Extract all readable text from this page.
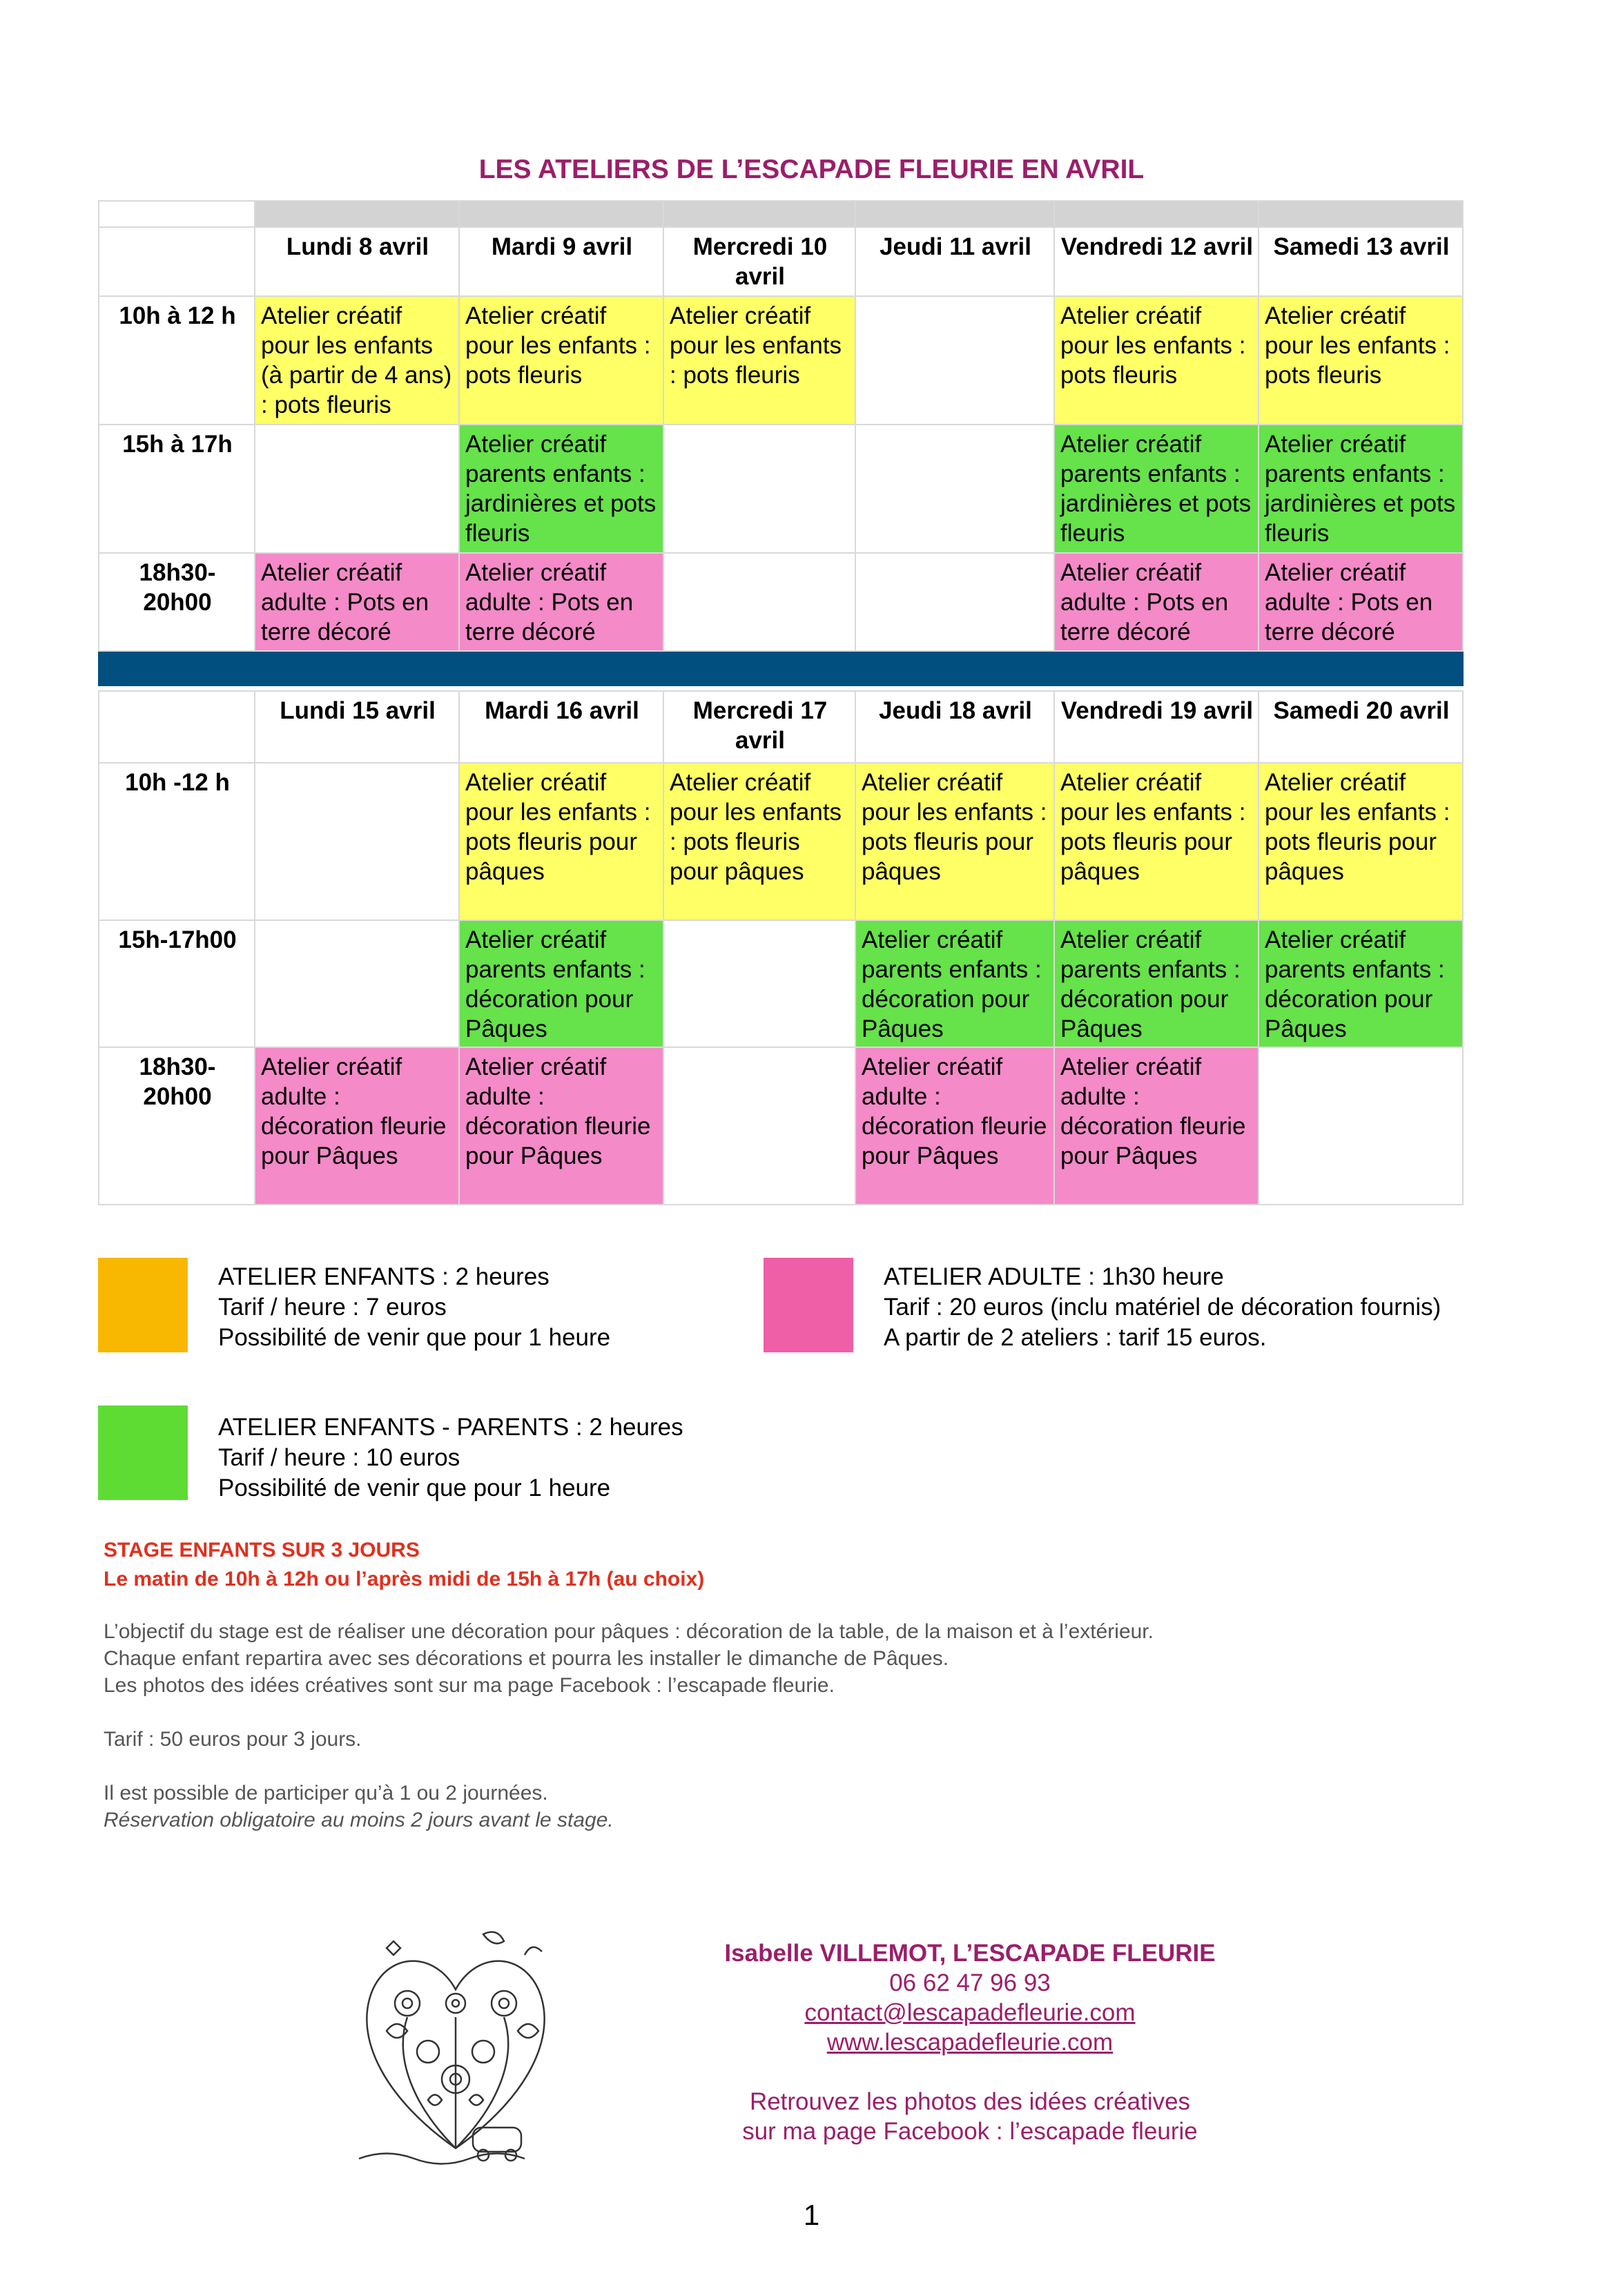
LES ATELIERS DE L’ESCAPADE FLEURIE EN AVRIL

	Lundi 8 avril	Mardi 9 avril	Mercredi 10 avril	Jeudi 11 avril	Vendredi 12 avril	Samedi 13 avril
10h à 12 h	Atelier créatif pour les enfants (à partir de 4 ans) : pots fleuris	Atelier créatif pour les enfants : pots fleuris	Atelier créatif pour les enfants : pots fleuris		Atelier créatif pour les enfants : pots fleuris	Atelier créatif pour les enfants : pots fleuris
15h à 17h		Atelier créatif parents enfants : jardinières et pots fleuris			Atelier créatif parents enfants : jardinières et pots fleuris	Atelier créatif parents enfants : jardinières et pots fleuris
18h30-20h00	Atelier créatif adulte : Pots en terre décoré	Atelier créatif adulte : Pots en terre décoré			Atelier créatif adulte : Pots en terre décoré	Atelier créatif adulte : Pots en terre décoré

	Lundi 15 avril	Mardi 16 avril	Mercredi 17 avril	Jeudi 18 avril	Vendredi 19 avril	Samedi 20 avril
10h -12 h		Atelier créatif pour les enfants : pots fleuris pour pâques	Atelier créatif pour les enfants : pots fleuris pour pâques	Atelier créatif pour les enfants : pots fleuris pour pâques	Atelier créatif pour les enfants : pots fleuris pour pâques	Atelier créatif pour les enfants : pots fleuris pour pâques
15h-17h00		Atelier créatif parents enfants : décoration pour Pâques		Atelier créatif parents enfants : décoration pour Pâques	Atelier créatif parents enfants : décoration pour Pâques	Atelier créatif parents enfants : décoration pour Pâques
18h30-20h00	Atelier créatif adulte : décoration fleurie pour Pâques	Atelier créatif adulte : décoration fleurie pour Pâques		Atelier créatif adulte : décoration fleurie pour Pâques	Atelier créatif adulte : décoration fleurie pour Pâques	
ATELIER ENFANTS : 2 heures
Tarif / heure : 7 euros
Possibilité de venir que pour 1 heure
ATELIER ADULTE : 1h30 heure
Tarif : 20 euros (inclu matériel de décoration fournis)
A partir de 2 ateliers : tarif 15 euros.
ATELIER ENFANTS - PARENTS : 2 heures
Tarif / heure : 10 euros
Possibilité de venir que pour 1 heure
STAGE ENFANTS SUR 3 JOURS
Le matin de 10h à 12h ou l’après midi de 15h à 17h (au choix)
L’objectif du stage est de réaliser une décoration pour pâques : décoration de la table, de la maison et à l’extérieur.
Chaque enfant repartira avec ses décorations et pourra les installer le dimanche de Pâques.
Les photos des idées créatives sont sur ma page Facebook : l’escapade fleurie.
Tarif : 50 euros pour 3 jours.
Il est possible de participer qu’à 1 ou 2 journées.
Réservation obligatoire au moins 2 jours avant le stage.
Isabelle VILLEMOT, L’ESCAPADE FLEURIE
06 62 47 96 93
contact@lescapadefleurie.com
www.lescapadefleurie.com
Retrouvez les photos des idées créatives
sur ma page Facebook : l’escapade fleurie
1
